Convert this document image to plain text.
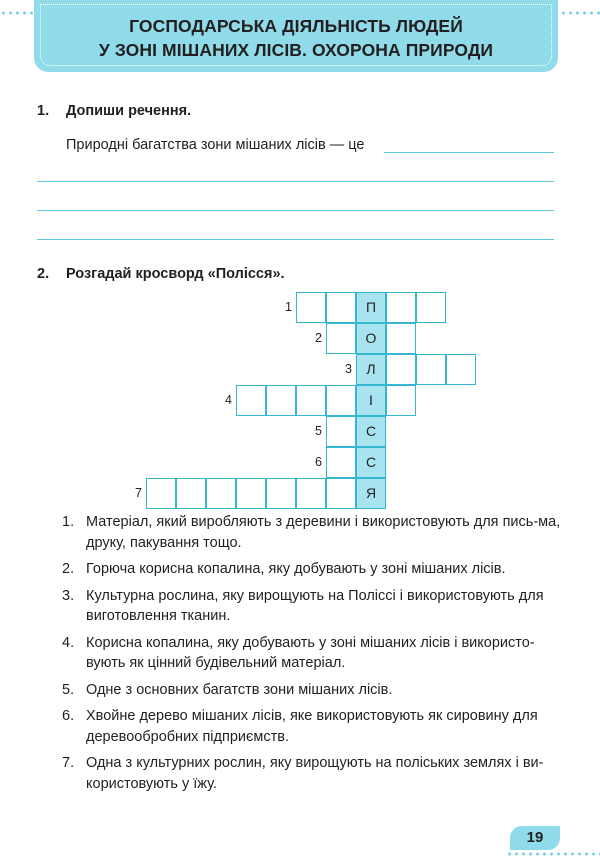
ГОСПОДАРСЬКА ДІЯЛЬНІСТЬ ЛЮДЕЙ
У ЗОНІ МІШАНИХ ЛІСІВ. ОХОРОНА ПРИРОДИ
1. Допиши речення.
Природні багатства зони мішаних лісів — це
2. Розгадай кросворд «Полісся».
1	П
2	О
3	Л
4	І
5	С
6	С
7	Я
1. Матеріал, який виробляють з деревини і використовують для пись-ма, друку, пакування тощо.
2. Горюча корисна копалина, яку добувають у зоні мішаних лісів.
3. Культурна рослина, яку вирощують на Поліссі і використовують для виготовлення тканин.
4. Корисна копалина, яку добувають у зоні мішаних лісів і використо-вують як цінний будівельний матеріал.
5. Одне з основних багатств зони мішаних лісів.
6. Хвойне дерево мішаних лісів, яке використовують як сировину для деревообробних підприємств.
7. Одна з культурних рослин, яку вирощують на поліських землях і ви-користовують у їжу.
19
